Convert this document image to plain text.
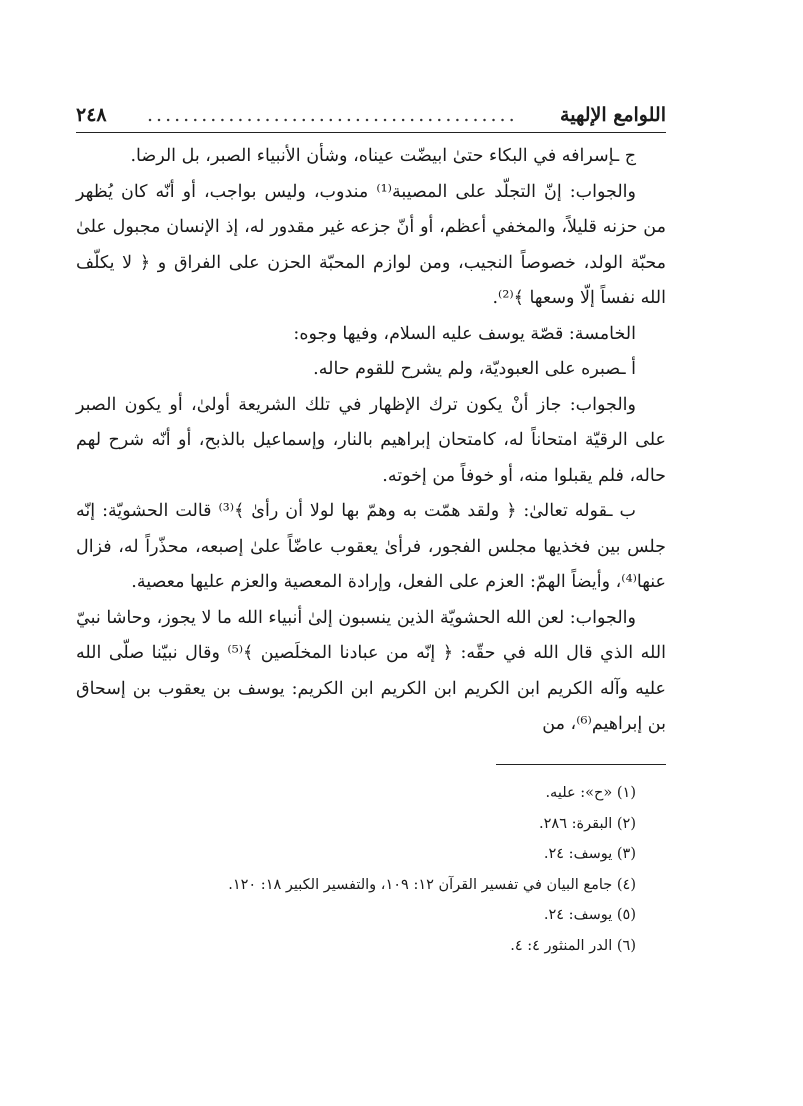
٢٤٨	.........................................	اللوامع الإلهية

ج ـإسرافه في البكاء حتىٰ ابيضّت عيناه، وشأن الأنبياء الصبر، بل الرضا.

والجواب: إنّ التجلّد على المصيبة⁽¹⁾ مندوب، وليس بواجب، أو أنّه كان يُظهر من حزنه قليلاً، والمخفي أعظم، أو أنّ جزعه غير مقدور له، إذ الإنسان مجبول علىٰ محبّة الولد، خصوصاً النجيب، ومن لوازم المحبّة الحزن على الفراق و ﴿ لا يكلّف الله نفساً إلّا وسعها ﴾⁽²⁾.

الخامسة: قصّة يوسف عليه السلام، وفيها وجوه:

أ ـصبره على العبوديّة، ولم يشرح للقوم حاله.

والجواب: جاز أنْ يكون ترك الإظهار في تلك الشريعة أولىٰ، أو يكون الصبر على الرقيّة امتحاناً له، كامتحان إبراهيم بالنار، وإسماعيل بالذبح، أو أنّه شرح لهم حاله، فلم يقبلوا منه، أو خوفاً من إخوته.

ب ـقوله تعالىٰ: ﴿ ولقد همّت به وهمّ بها لولا أن رأىٰ ﴾⁽³⁾ قالت الحشويّة: إنّه جلس بين فخذيها مجلس الفجور، فرأىٰ يعقوب عاضّاً علىٰ إصبعه، محذّراً له، فزال عنها⁽⁴⁾، وأيضاً الهمّ: العزم على الفعل، وإرادة المعصية والعزم عليها معصية.

والجواب: لعن الله الحشويّة الذين ينسبون إلىٰ أنبياء الله ما لا يجوز، وحاشا نبيّ الله الذي قال الله في حقّه: ﴿ إنّه من عبادنا المخلَصين ﴾⁽⁵⁾ وقال نبيّنا صلّى الله عليه وآله الكريم ابن الكريم ابن الكريم ابن الكريم: يوسف بن يعقوب بن إسحاق بن إبراهيم⁽⁶⁾، من

(١) «ح»: عليه.

(٢) البقرة: ٢٨٦.

(٣) يوسف: ٢٤.

(٤) جامع البيان في تفسير القرآن ١٢: ١٠٩، والتفسير الكبير ١٨: ١٢٠.

(٥) يوسف: ٢٤.

(٦) الدر المنثور ٤: ٤.
